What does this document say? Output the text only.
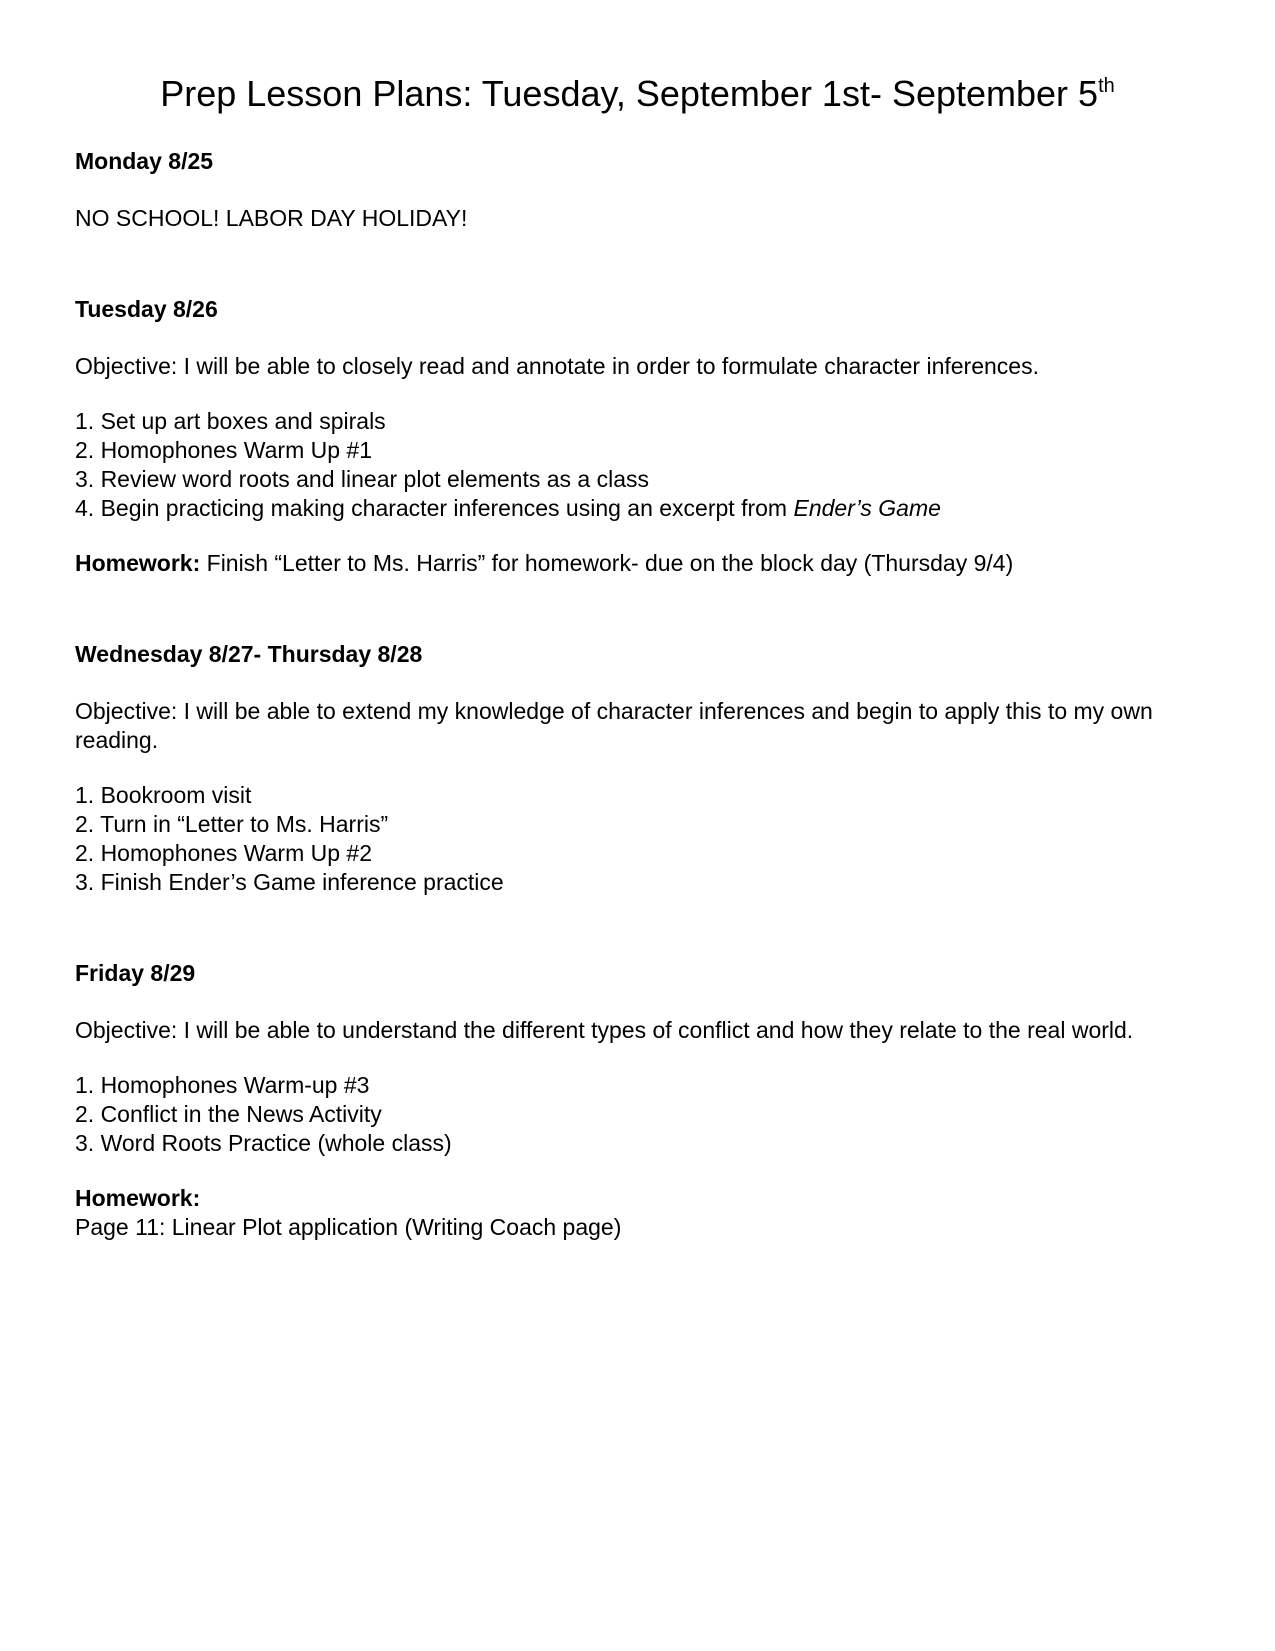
Prep Lesson Plans: Tuesday, September 1st- September 5th

Monday 8/25

NO SCHOOL! LABOR DAY HOLIDAY!

Tuesday 8/26

Objective: I will be able to closely read and annotate in order to formulate character inferences.

1. Set up art boxes and spirals
2. Homophones Warm Up #1
3. Review word roots and linear plot elements as a class
4. Begin practicing making character inferences using an excerpt from Ender’s Game

Homework: Finish “Letter to Ms. Harris” for homework- due on the block day (Thursday 9/4)

Wednesday 8/27- Thursday 8/28

Objective: I will be able to extend my knowledge of character inferences and begin to apply this to my own reading.

1. Bookroom visit
2. Turn in “Letter to Ms. Harris”
2. Homophones Warm Up #2
3. Finish Ender’s Game inference practice

Friday 8/29

Objective: I will be able to understand the different types of conflict and how they relate to the real world.

1. Homophones Warm-up #3
2. Conflict in the News Activity
3. Word Roots Practice (whole class)

Homework:

Page 11: Linear Plot application (Writing Coach page)
